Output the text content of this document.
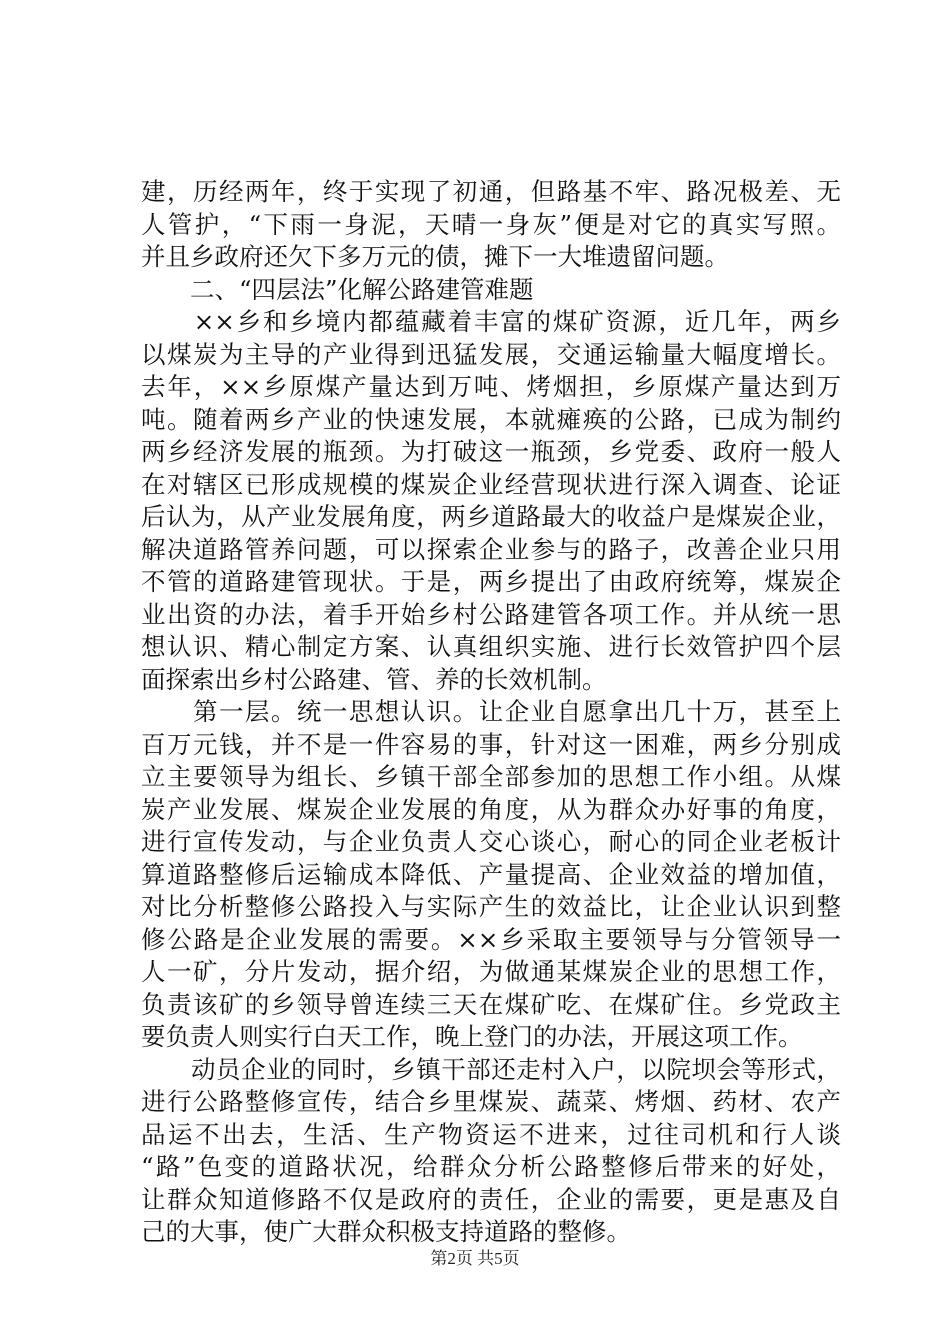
建，历经两年，终于实现了初通，但路基不牢、路况极差、无
人管护，“下雨一身泥，天晴一身灰”便是对它的真实写照。
并且乡政府还欠下多万元的债，摊下一大堆遗留问题。
　　二、“四层法”化解公路建管难题
　　××乡和乡境内都蕴藏着丰富的煤矿资源，近几年，两乡
以煤炭为主导的产业得到迅猛发展，交通运输量大幅度增长。
去年，××乡原煤产量达到万吨、烤烟担，乡原煤产量达到万
吨。随着两乡产业的快速发展，本就瘫痪的公路，已成为制约
两乡经济发展的瓶颈。为打破这一瓶颈，乡党委、政府一般人
在对辖区已形成规模的煤炭企业经营现状进行深入调查、论证
后认为，从产业发展角度，两乡道路最大的收益户是煤炭企业，
解决道路管养问题，可以探索企业参与的路子，改善企业只用
不管的道路建管现状。于是，两乡提出了由政府统筹，煤炭企
业出资的办法，着手开始乡村公路建管各项工作。并从统一思
想认识、精心制定方案、认真组织实施、进行长效管护四个层
面探索出乡村公路建、管、养的长效机制。
　　第一层。统一思想认识。让企业自愿拿出几十万，甚至上
百万元钱，并不是一件容易的事，针对这一困难，两乡分别成
立主要领导为组长、乡镇干部全部参加的思想工作小组。从煤
炭产业发展、煤炭企业发展的角度，从为群众办好事的角度，
进行宣传发动，与企业负责人交心谈心，耐心的同企业老板计
算道路整修后运输成本降低、产量提高、企业效益的增加值，
对比分析整修公路投入与实际产生的效益比，让企业认识到整
修公路是企业发展的需要。××乡采取主要领导与分管领导一
人一矿，分片发动，据介绍，为做通某煤炭企业的思想工作，
负责该矿的乡领导曾连续三天在煤矿吃、在煤矿住。乡党政主
要负责人则实行白天工作，晚上登门的办法，开展这项工作。
　　动员企业的同时，乡镇干部还走村入户，以院坝会等形式，
进行公路整修宣传，结合乡里煤炭、蔬菜、烤烟、药材、农产
品运不出去，生活、生产物资运不进来，过往司机和行人谈
“路”色变的道路状况，给群众分析公路整修后带来的好处，
让群众知道修路不仅是政府的责任，企业的需要，更是惠及自
己的大事，使广大群众积极支持道路的整修。
第2页 共5页
